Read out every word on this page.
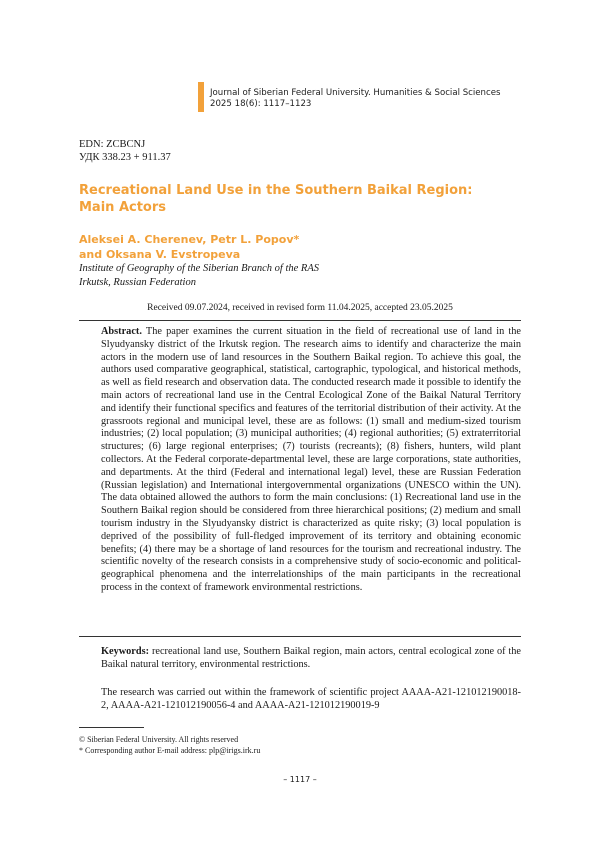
Journal of Siberian Federal University. Humanities & Social Sciences
2025 18(6): 1117–1123
EDN: ZCBCNJ
УДК 338.23 + 911.37
Recreational Land Use in the Southern Baikal Region:
Main Actors
Aleksei A. Cherenev, Petr L. Popov*
and Oksana V. Evstropeva
Institute of Geography of the Siberian Branch of the RAS
Irkutsk, Russian Federation
Received 09.07.2024, received in revised form 11.04.2025, accepted 23.05.2025
Abstract. The paper examines the current situation in the field of recreational use of land in the Slyudyansky district of the Irkutsk region. The research aims to identify and characterize the main actors in the modern use of land resources in the Southern Baikal region. To achieve this goal, the authors used comparative geographical, statistical, cartographic, typological, and historical methods, as well as field research and observation data. The conducted research made it possible to identify the main actors of recreational land use in the Central Ecological Zone of the Baikal Natural Territory and identify their functional specifics and features of the territorial distribution of their activity. At the grassroots regional and municipal level, these are as follows: (1) small and medium-sized tourism industries; (2) local population; (3) municipal authorities; (4) regional authorities; (5) extraterritorial structures; (6) large regional enterprises; (7) tourists (recreants); (8) fishers, hunters, wild plant collectors. At the Federal corporate-departmental level, these are large corporations, state authorities, and departments. At the third (Federal and international legal) level, these are Russian Federation (Russian legislation) and International intergovernmental organizations (UNESCO within the UN). The data obtained allowed the authors to form the main conclusions: (1) Recreational land use in the Southern Baikal region should be considered from three hierarchical positions; (2) medium and small tourism industry in the Slyudyansky district is characterized as quite risky; (3) local population is deprived of the possibility of full-fledged improvement of its territory and obtaining economic benefits; (4) there may be a shortage of land resources for the tourism and recreational industry. The scientific novelty of the research consists in a comprehensive study of socio-economic and political-geographical phenomena and the interrelationships of the main participants in the recreational process in the context of framework environmental restrictions.
Keywords: recreational land use, Southern Baikal region, main actors, central ecological zone of the Baikal natural territory, environmental restrictions.
The research was carried out within the framework of scientific project AAAA-A21-121012190018-2, AAAA-A21-121012190056-4 and AAAA-A21-121012190019-9
© Siberian Federal University. All rights reserved
* Corresponding author E-mail address: plp@irigs.irk.ru
– 1117 –
